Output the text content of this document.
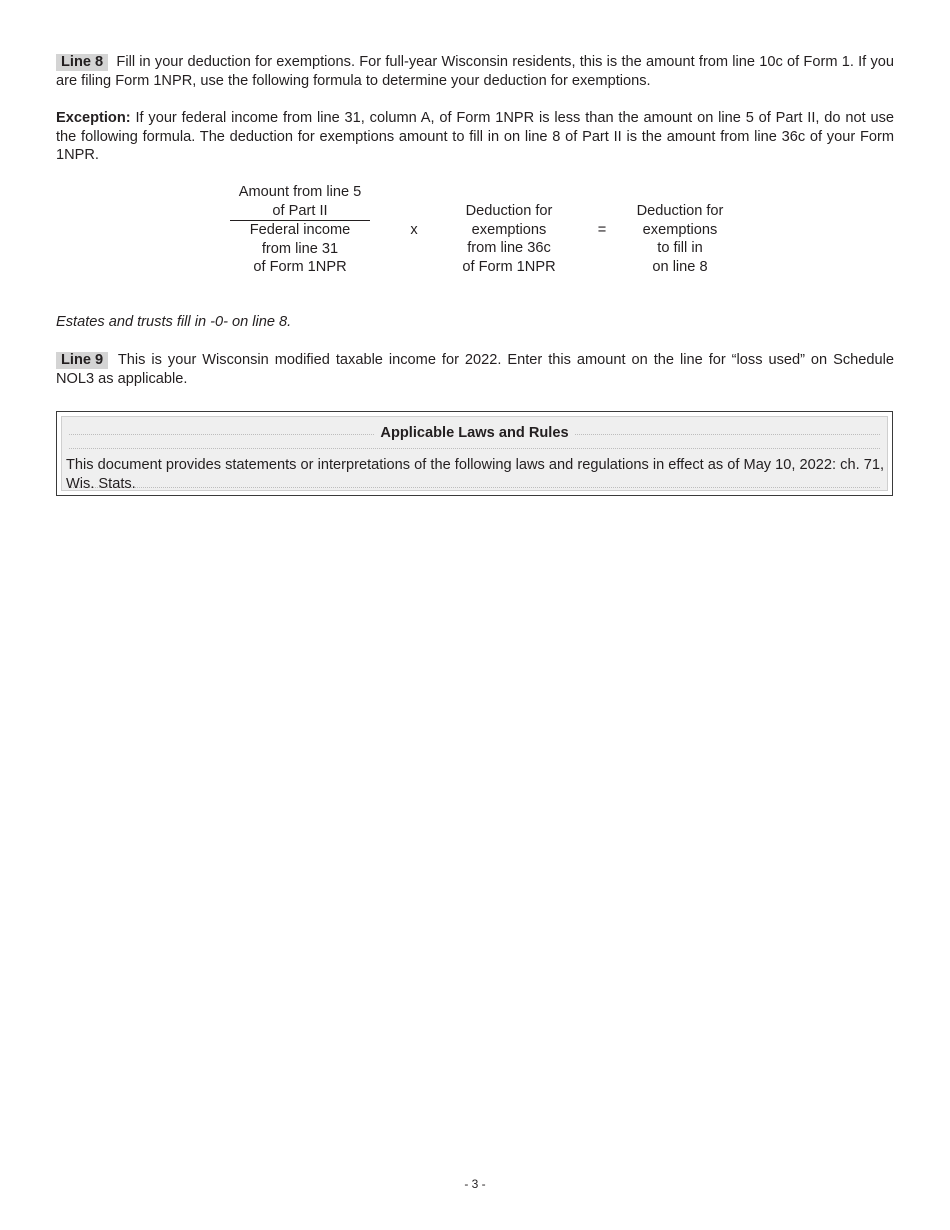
Line 8 Fill in your deduction for exemptions. For full-year Wisconsin residents, this is the amount from line 10c of Form 1. If you are filing Form 1NPR, use the following formula to determine your deduction for exemptions.

Exception: If your federal income from line 31, column A, of Form 1NPR is less than the amount on line 5 of Part II, do not use the following formula. The deduction for exemptions amount to fill in on line 8 of Part II is the amount from line 36c of your Form 1NPR.

Amount from line 5
of Part II
Federal income
from line 31
of Form 1NPR
x
Deduction for
exemptions
from line 36c
of Form 1NPR
=
Deduction for
exemptions
to fill in
on line 8

Estates and trusts fill in -0- on line 8.

Line 9 This is your Wisconsin modified taxable income for 2022. Enter this amount on the line for “loss used” on Schedule NOL3 as applicable.

Applicable Laws and Rules
This document provides statements or interpretations of the following laws and regulations in effect as of May 10, 2022: ch. 71, Wis. Stats.
- 3 -
